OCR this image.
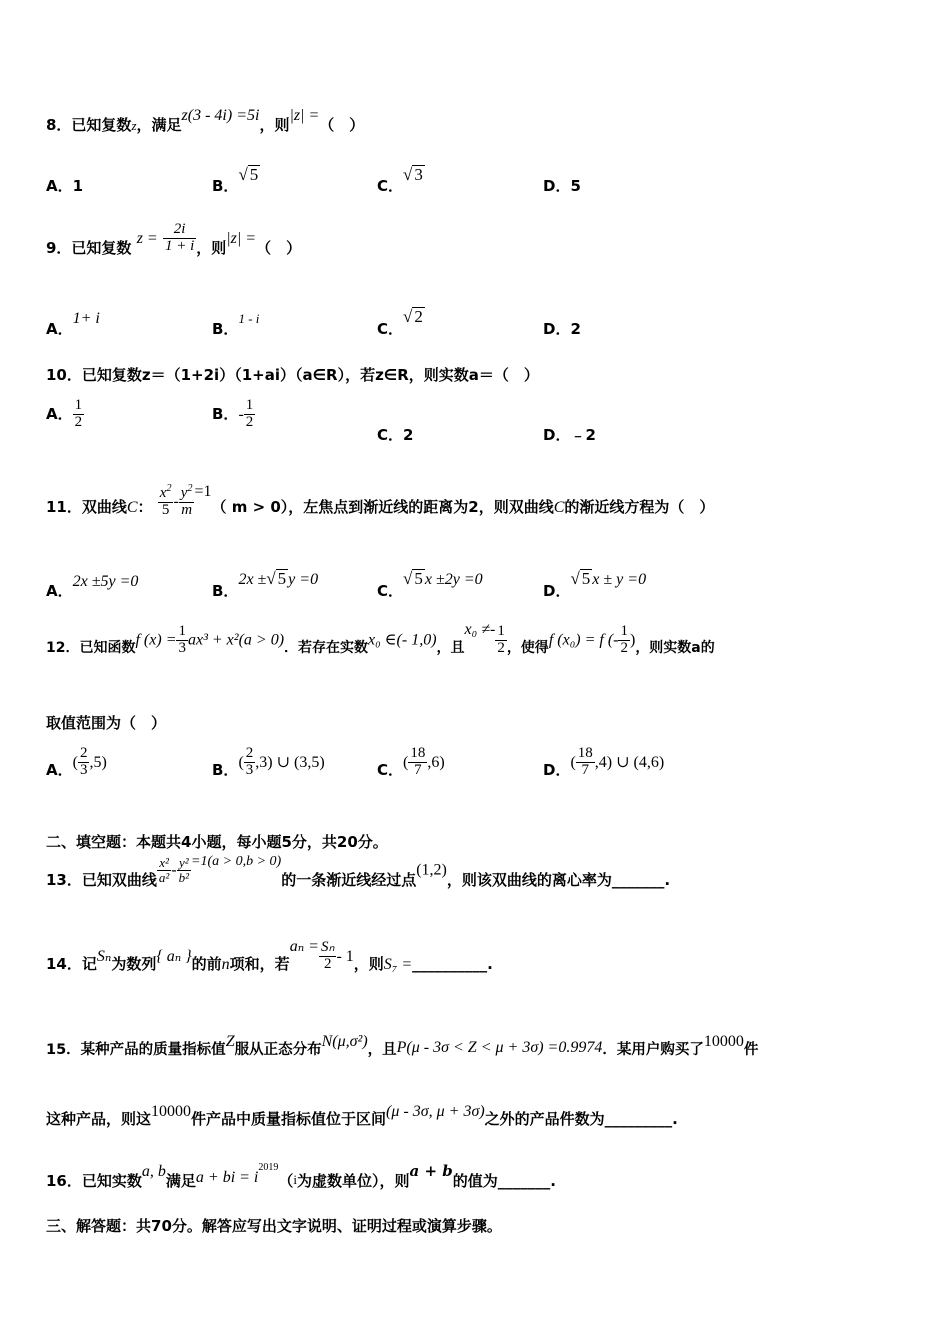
8．已知复数z，满足z(3 - 4i) =5i，则|z| =（　）
A．1	B．√ 5
C．√ 3
D．5
9．已知复数 $z = \frac{2i}{1 + i}$ ，则|z| =（　）
A．1+ i
B．1 - i
C．√ 2
D．2
10．已知复数z＝（1+2i）（1+ai）（a∈R），若z∈R，则实数a＝（　）
A． $\frac{1}{2}$	B．- $\frac{1}{2}$
C．2	D．﹣2
11．双曲线C： $\frac{x^2}{5} - \frac{y^2}{m} =1$（ m > 0），左焦点到渐近线的距离为2，则双曲线C的渐近线方程为（　）
A．2x ±5y =0
B．2x ±√ 5 y =0
C．√ 5 x ±2y =0
D．√ 5 x ± y =0
12．已知函数f $(x) = \frac{1}{3} ax^3 + x^2(a > 0)$．若存在实数x₀ ∈(- 1,0)，且$x_0 \ne- \frac{1}{2}$ ，使得f (x₀) = f (- $\frac{1}{2}$ )，则实数a的
取值范围为（　）
A．( $\frac{2}{3} ,5$)	B．( $\frac{2}{3} ,3$) ∪ (3,5)	C．( $\frac{18}{7} ,6$)	D．( $\frac{18}{7} ,4$) ∪ (4,6)
二、填空题：本题共4小题，每小题5分，共20分。
13．已知双曲线 $\frac{\text{x²}}{\text{a²}} - \frac{\text{y²}}{\text{b²}} =1(a > 0,b > 0)$的一条渐近线经过点(1,2)，则该双曲线的离心率为_______.
14．记Sₙ为数列{ aₙ }的前n项和，若$a_n = \frac{\text{Sₙ}}{2} - 1$，则S₇ =__________.
15．某种产品的质量指标值Z服从正态分布N(μ,σ²)，且P(μ - 3σ < Z < μ + 3σ) =0.9974．某用户购买了10000件
这种产品，则这10000件产品中质量指标值位于区间(μ - 3σ, μ + 3σ)之外的产品件数为_________.
16．已知实数a, b满足a + bi = $i^{2019}(i$为虚数单位），则a + b的值为_______.
三、解答题：共70分。解答应写出文字说明、证明过程或演算步骤。
